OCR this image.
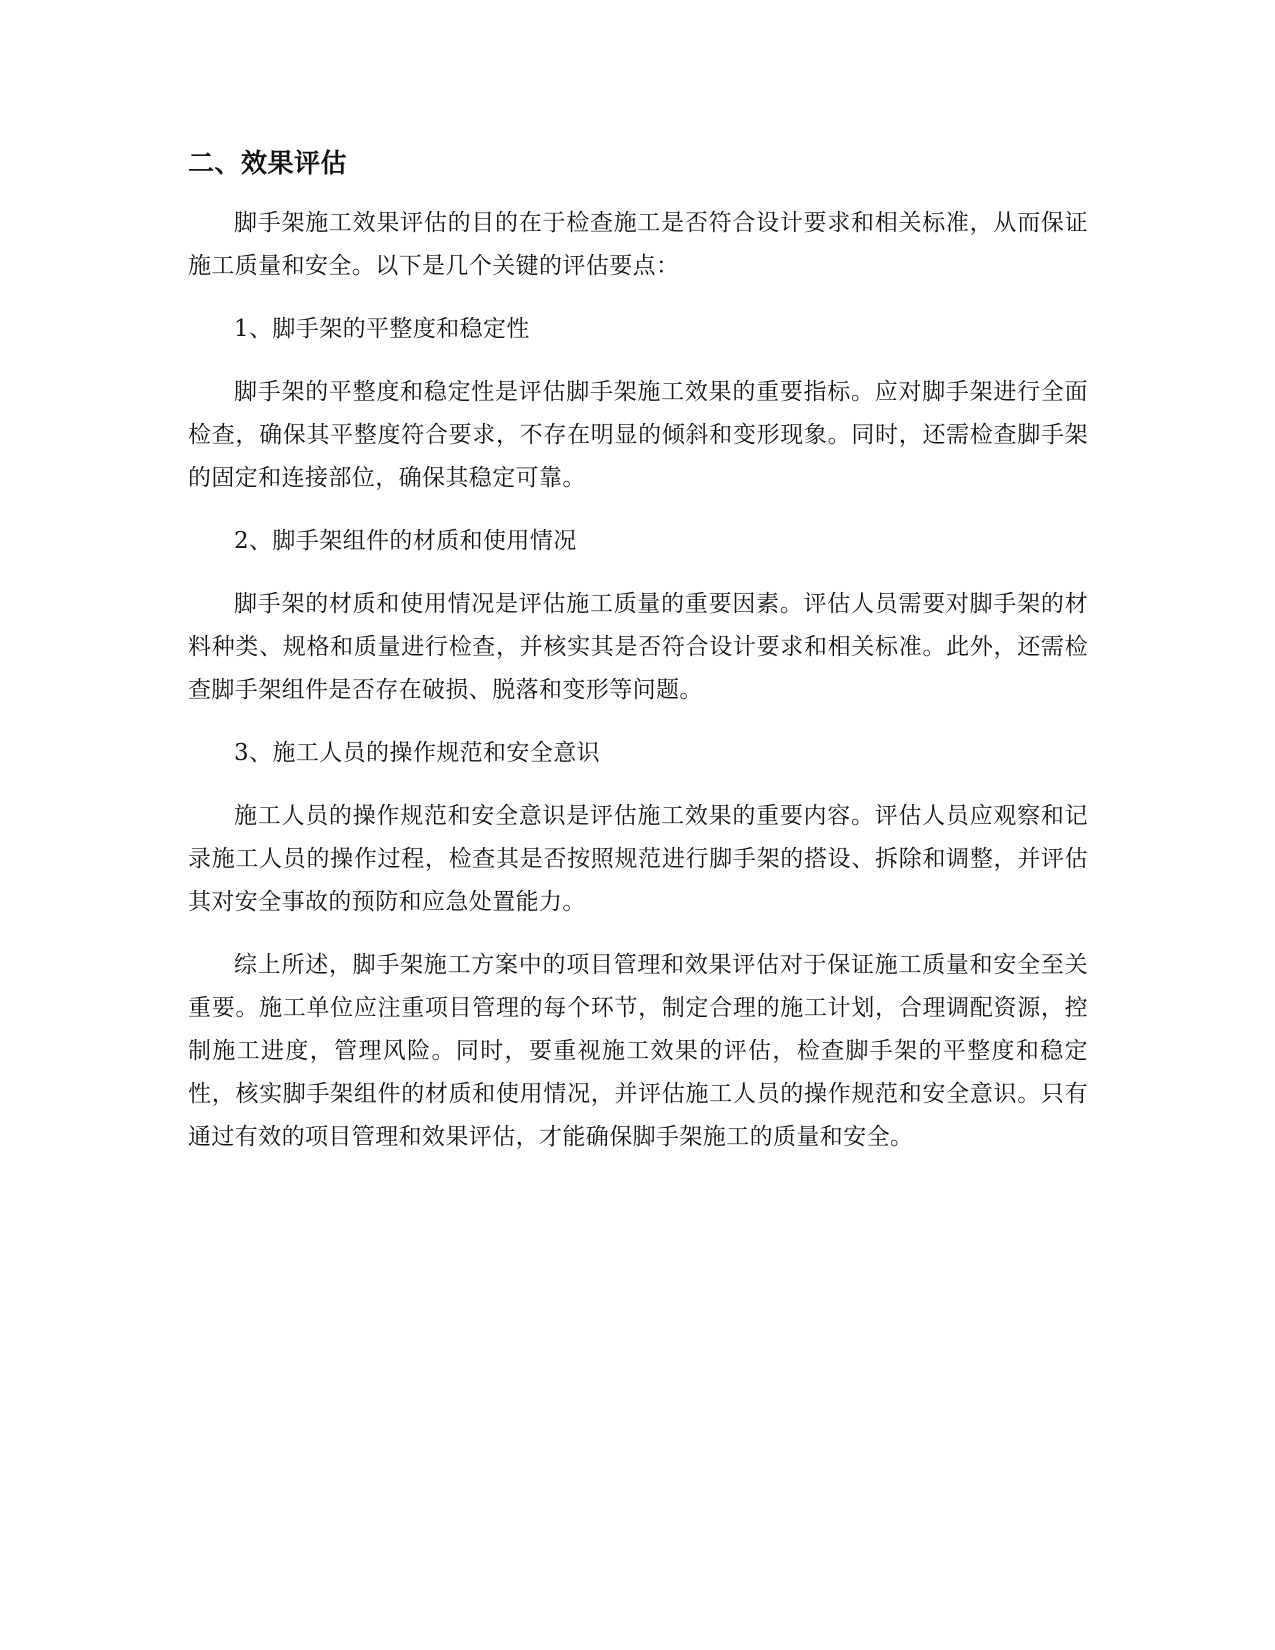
二、效果评估

脚手架施工效果评估的目的在于检查施工是否符合设计要求和相关标准，从而保证施工质量和安全。以下是几个关键的评估要点：

1、脚手架的平整度和稳定性

脚手架的平整度和稳定性是评估脚手架施工效果的重要指标。应对脚手架进行全面检查，确保其平整度符合要求，不存在明显的倾斜和变形现象。同时，还需检查脚手架的固定和连接部位，确保其稳定可靠。

2、脚手架组件的材质和使用情况

脚手架的材质和使用情况是评估施工质量的重要因素。评估人员需要对脚手架的材料种类、规格和质量进行检查，并核实其是否符合设计要求和相关标准。此外，还需检查脚手架组件是否存在破损、脱落和变形等问题。

3、施工人员的操作规范和安全意识

施工人员的操作规范和安全意识是评估施工效果的重要内容。评估人员应观察和记录施工人员的操作过程，检查其是否按照规范进行脚手架的搭设、拆除和调整，并评估其对安全事故的预防和应急处置能力。

综上所述，脚手架施工方案中的项目管理和效果评估对于保证施工质量和安全至关重要。施工单位应注重项目管理的每个环节，制定合理的施工计划，合理调配资源，控制施工进度，管理风险。同时，要重视施工效果的评估，检查脚手架的平整度和稳定性，核实脚手架组件的材质和使用情况，并评估施工人员的操作规范和安全意识。只有通过有效的项目管理和效果评估，才能确保脚手架施工的质量和安全。
